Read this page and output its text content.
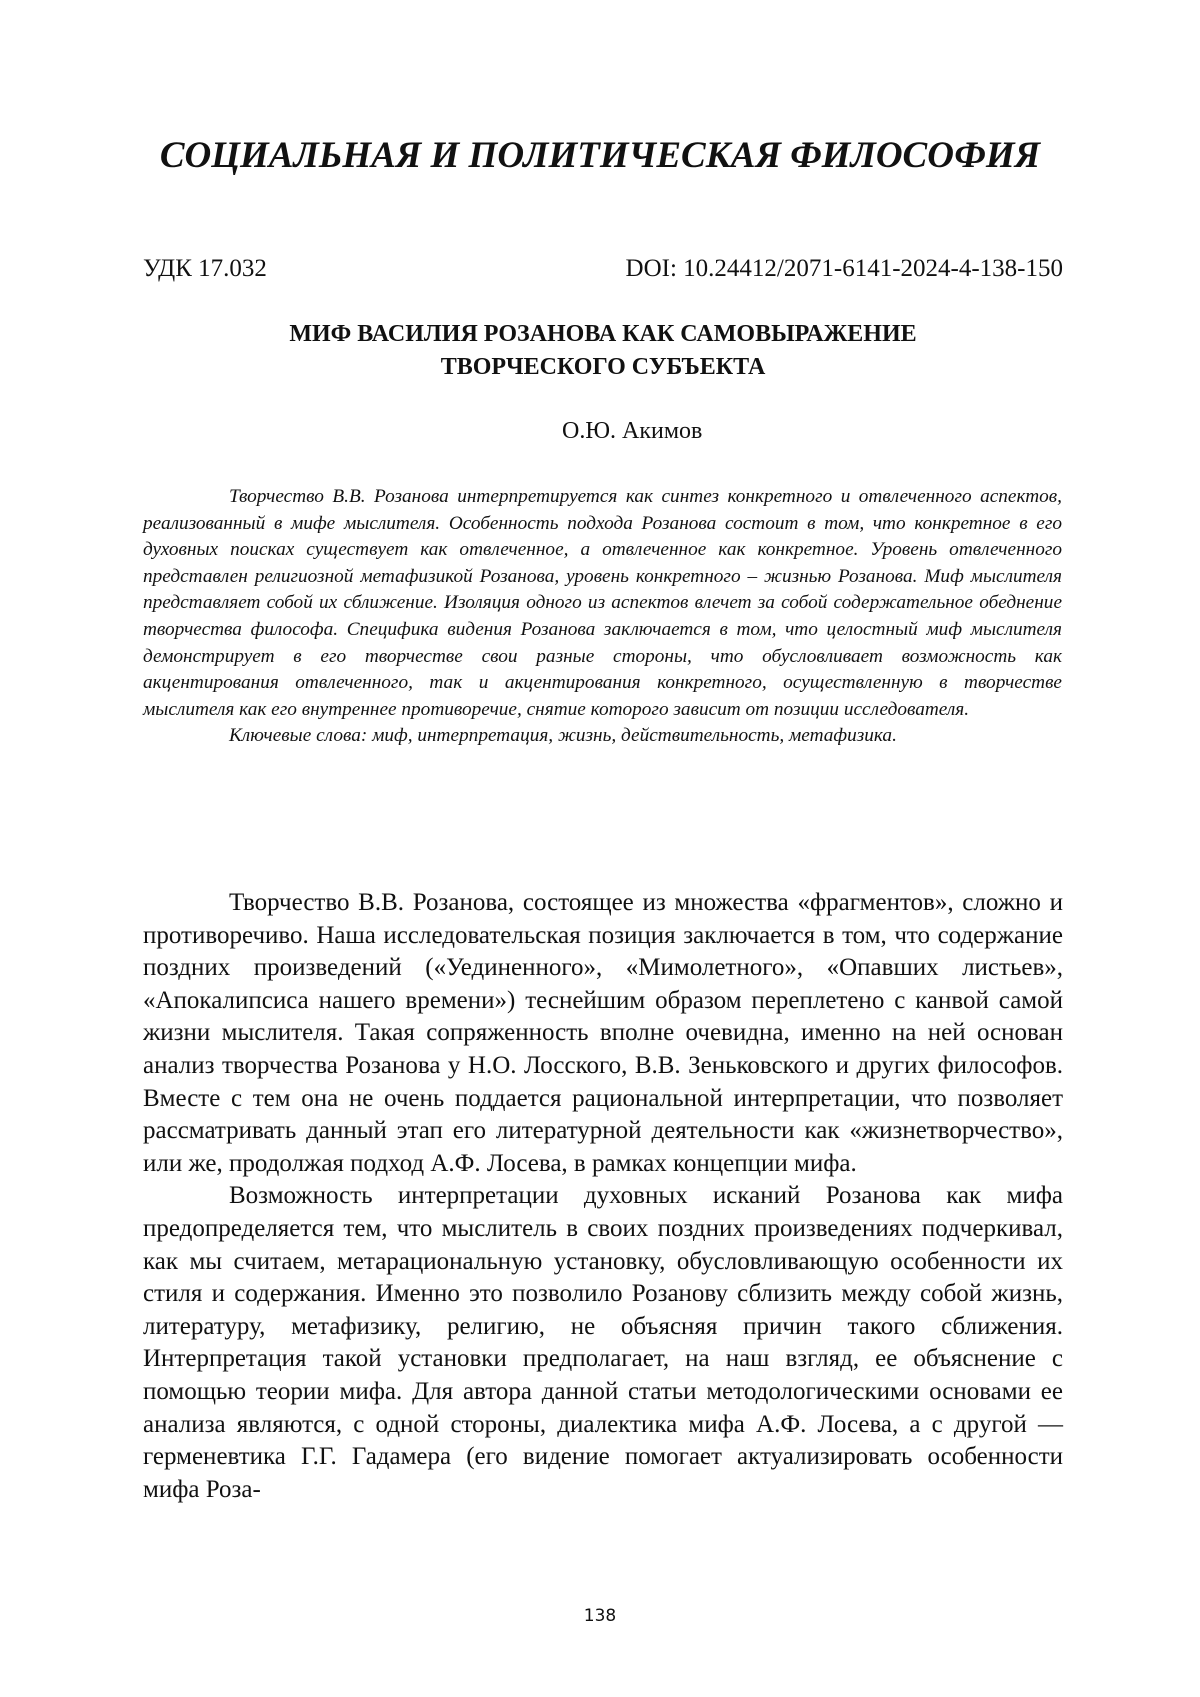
СОЦИАЛЬНАЯ И ПОЛИТИЧЕСКАЯ ФИЛОСОФИЯ
УДК 17.032	DOI: 10.24412/2071-6141-2024-4-138-150
МИФ ВАСИЛИЯ РОЗАНОВА КАК САМОВЫРАЖЕНИЕ
ТВОРЧЕСКОГО СУБЪЕКТА

О.Ю. Акимов

Творчество В.В. Розанова интерпретируется как синтез конкретного и отвлеченного аспектов, реализованный в мифе мыслителя. Особенность подхода Розанова состоит в том, что конкретное в его духовных поисках существует как отвлеченное, а отвлеченное как конкретное. Уровень отвлеченного представлен религиозной метафизикой Розанова, уровень конкретного – жизнью Розанова. Миф мыслителя представляет собой их сближение. Изоляция одного из аспектов влечет за собой содержательное обеднение творчества философа. Специфика видения Розанова заключается в том, что целостный миф мыслителя демонстрирует в его творчестве свои разные стороны, что обусловливает возможность как акцентирования отвлеченного, так и акцентирования конкретного, осуществленную в творчестве мыслителя как его внутреннее противоречие, снятие которого зависит от позиции исследователя.

Ключевые слова: миф, интерпретация, жизнь, действительность, метафизика.

Творчество В.В. Розанова, состоящее из множества «фрагментов», сложно и противоречиво. Наша исследовательская позиция заключается в том, что содержание поздних произведений («Уединенного», «Мимолетного», «Опавших листьев», «Апокалипсиса нашего времени») теснейшим образом переплетено с канвой самой жизни мыслителя. Такая сопряженность вполне очевидна, именно на ней основан анализ творчества Розанова у Н.О. Лосского, В.В. Зеньковского и других философов. Вместе с тем она не очень поддается рациональной интерпретации, что позволяет рассматривать данный этап его литературной деятельности как «жизнетворчество», или же, продолжая подход А.Ф. Лосева, в рамках концепции мифа.

Возможность интерпретации духовных исканий Розанова как мифа предопределяется тем, что мыслитель в своих поздних произведениях подчеркивал, как мы считаем, метарациональную установку, обусловливающую особенности их стиля и содержания. Именно это позволило Розанову сблизить между собой жизнь, литературу, метафизику, религию, не объясняя причин такого сближения. Интерпретация такой установки предполагает, на наш взгляд, ее объяснение с помощью теории мифа. Для автора данной статьи методологическими основами ее анализа являются, с одной стороны, диалектика мифа А.Ф. Лосева, а с другой — герменевтика Г.Г. Гадамера (его видение помогает актуализировать особенности мифа Роза-

138
